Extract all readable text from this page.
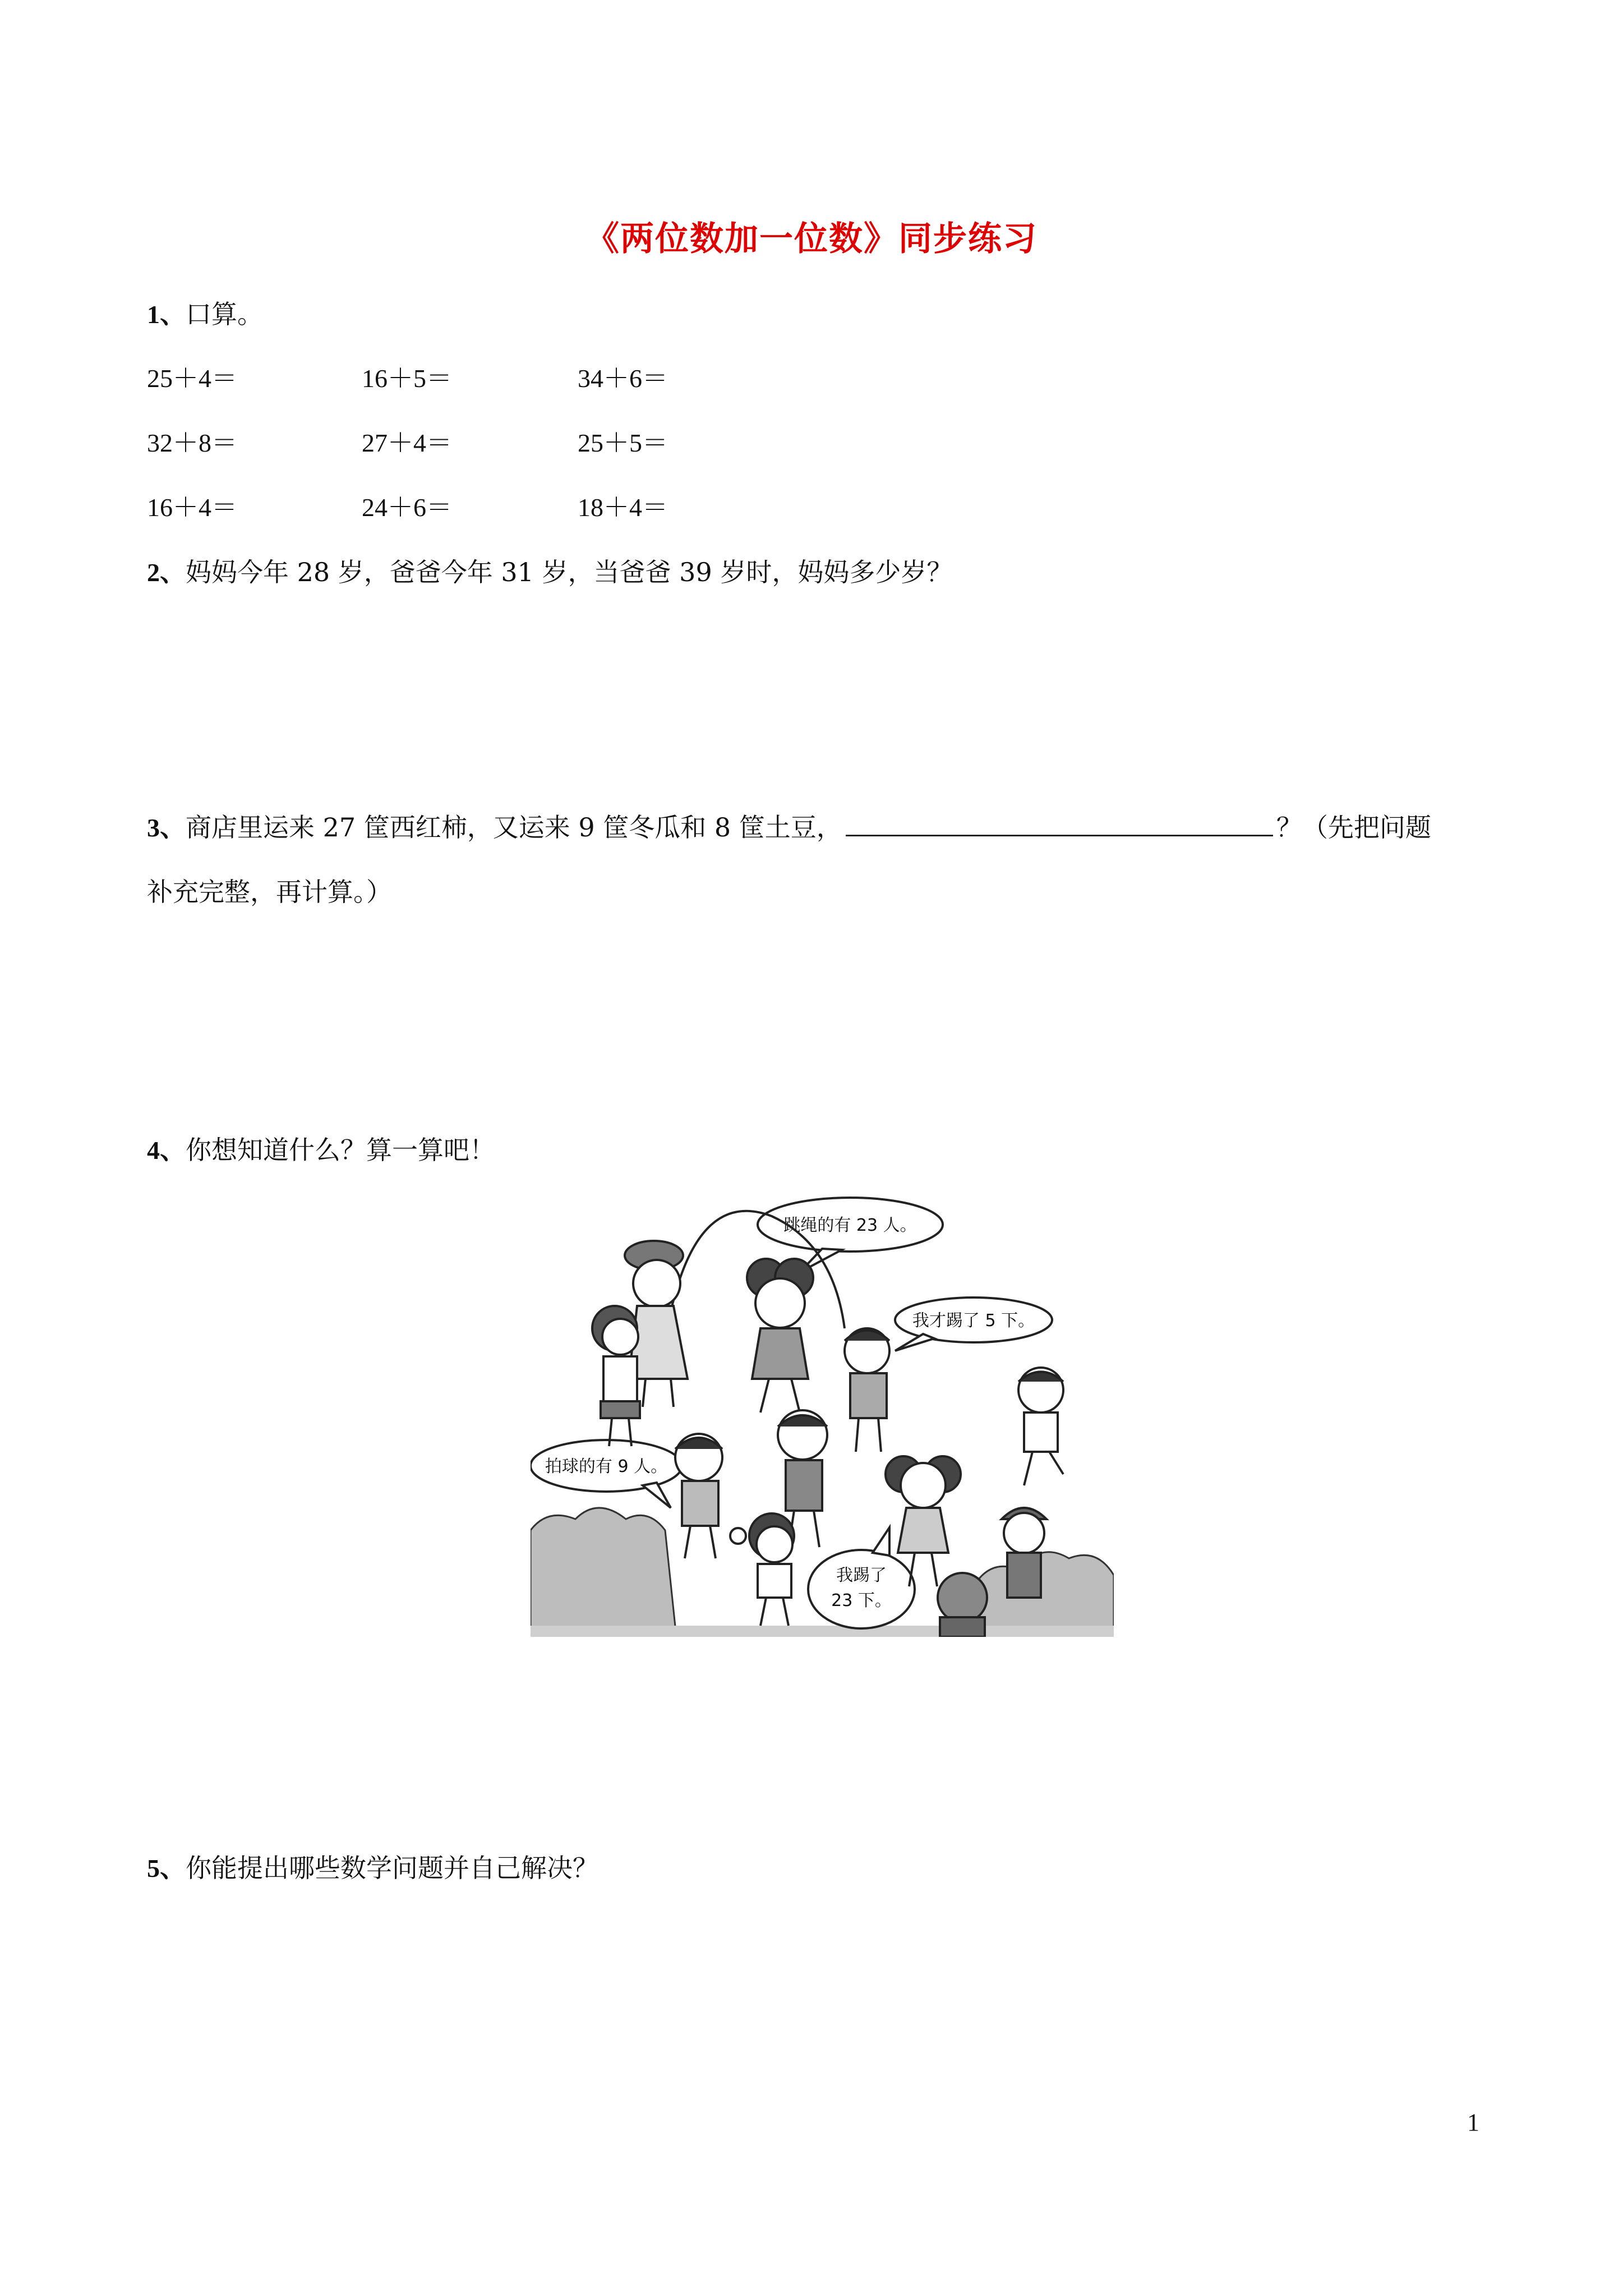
《两位数加一位数》同步练习
1、口算。
25＋4＝	16＋5＝	34＋6＝
32＋8＝	27＋4＝	25＋5＝
16＋4＝	24＋6＝	18＋4＝
2、妈妈今年 28 岁，爸爸今年 31 岁，当爸爸 39 岁时，妈妈多少岁？
3、商店里运来 27 筐西红柿，又运来 9 筐冬瓜和 8 筐土豆，	？（先把问题
补充完整，再计算。）
4、你想知道什么？算一算吧！
跳绳的有 23 人。
我才踢了 5 下。
拍球的有 9 人。
我踢了
23 下。
5、你能提出哪些数学问题并自己解决？
1
